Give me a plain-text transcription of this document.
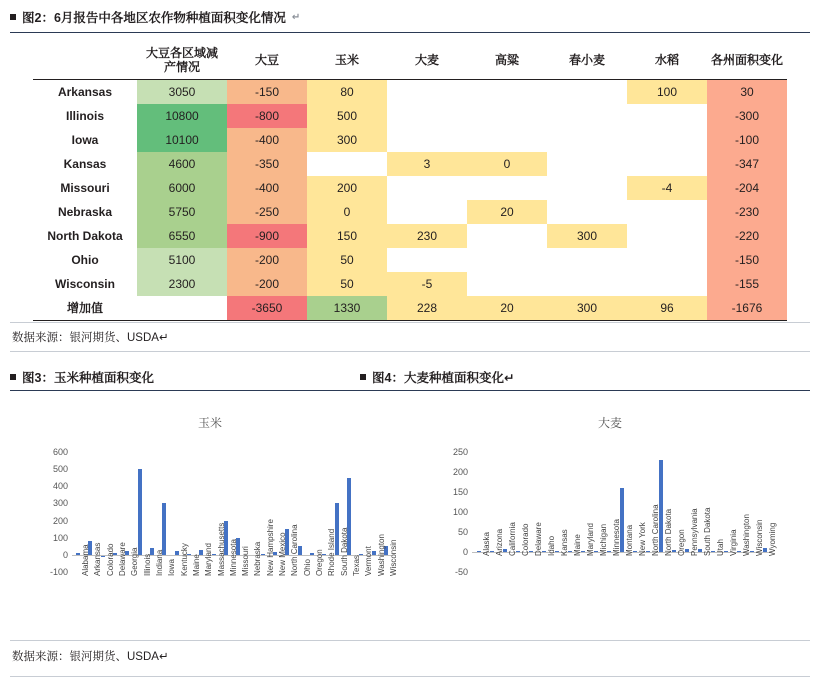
图2：6月报告中各地区农作物种植面积变化情况 ↵
	大豆各区域减产情况	大豆	玉米	大麦	高粱	春小麦	水稻	各州面积变化
Arkansas	3050	-150	80				100	30
Illinois	10800	-800	500					-300
Iowa	10100	-400	300					-100
Kansas	4600	-350		3	0			-347
Missouri	6000	-400	200				-4	-204
Nebraska	5750	-250	0		20			-230
North Dakota	6550	-900	150	230		300		-220
Ohio	5100	-200	50					-150
Wisconsin	2300	-200	50	-5				-155
增加值		-3650	1330	228	20	300	96	-1676
数据来源：银河期货、USDA↵
图3：玉米种植面积变化	图4：大麦种植面积变化↵
玉米
-100
0
100
200
300
400
500
600
Alabama Arkansas Colorado Delaware Georgia Illinois Indiana Iowa Kentucky Maine Maryland Massachusetts Minnesota Missouri Nebraska New Hampshire New Mexico North Carolina Ohio Oregon Rhode Island South Dakota Texas Vermont Washington Wisconsin
大麦
-50
0
50
100
150
200
250
Alaska Arizona California Colorado Delaware Idaho Kansas Maine Maryland Michigan Minnesota Montana New York North Carolina North Dakota Oregon Pennsylvania South Dakota Utah Virginia Washington Wisconsin Wyoming
数据来源：银河期货、USDA↵
